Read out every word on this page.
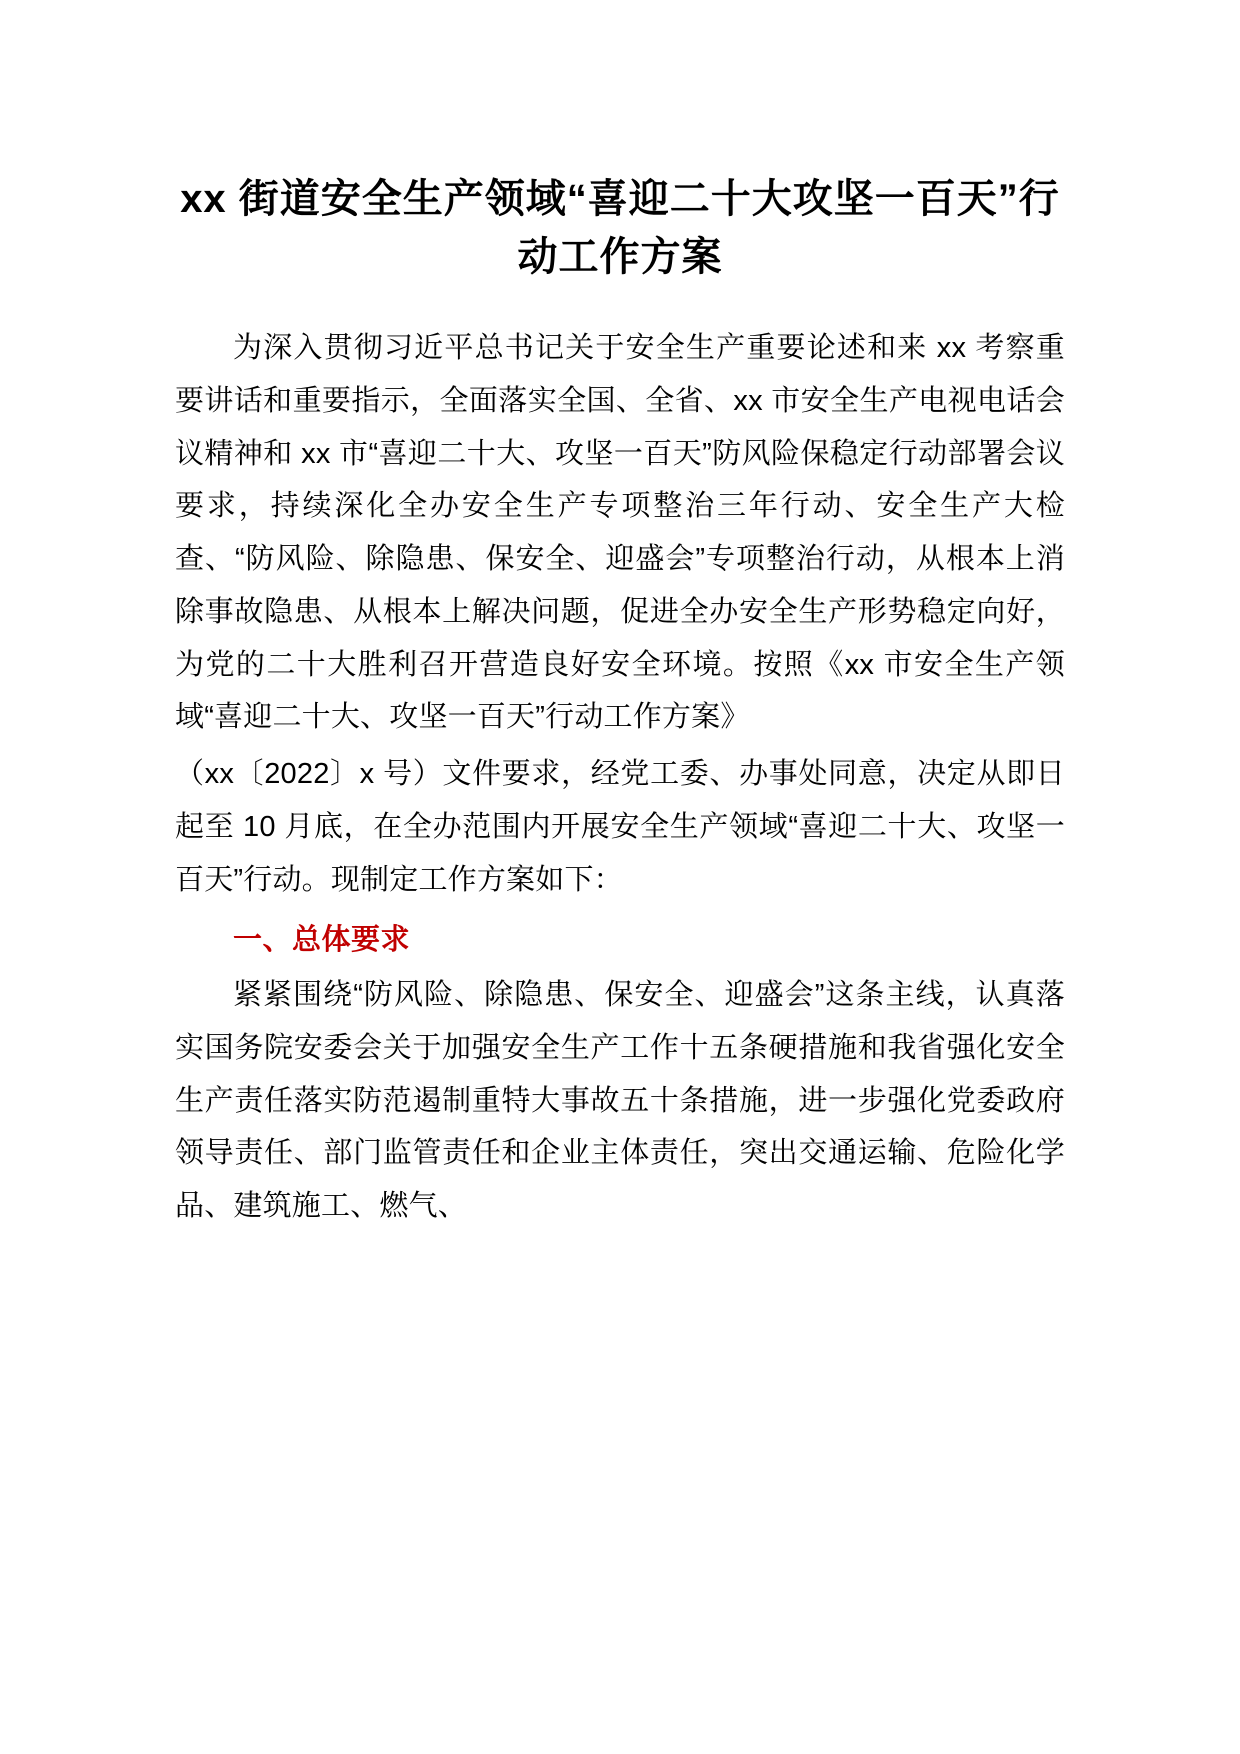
xx 街道安全生产领域“喜迎二十大攻坚一百天”行动工作方案

为深入贯彻习近平总书记关于安全生产重要论述和来 xx 考察重要讲话和重要指示，全面落实全国、全省、xx 市安全生产电视电话会议精神和 xx 市“喜迎二十大、攻坚一百天”防风险保稳定行动部署会议要求，持续深化全办安全生产专项整治三年行动、安全生产大检查、“防风险、除隐患、保安全、迎盛会”专项整治行动，从根本上消除事故隐患、从根本上解决问题，促进全办安全生产形势稳定向好，为党的二十大胜利召开营造良好安全环境。按照《xx 市安全生产领域“喜迎二十大、攻坚一百天”行动工作方案》

（xx〔2022〕x 号）文件要求，经党工委、办事处同意，决定从即日起至 10 月底，在全办范围内开展安全生产领域“喜迎二十大、攻坚一百天”行动。现制定工作方案如下：

一、总体要求

紧紧围绕“防风险、除隐患、保安全、迎盛会”这条主线，认真落实国务院安委会关于加强安全生产工作十五条硬措施和我省强化安全生产责任落实防范遏制重特大事故五十条措施，进一步强化党委政府领导责任、部门监管责任和企业主体责任，突出交通运输、危险化学品、建筑施工、燃气、
